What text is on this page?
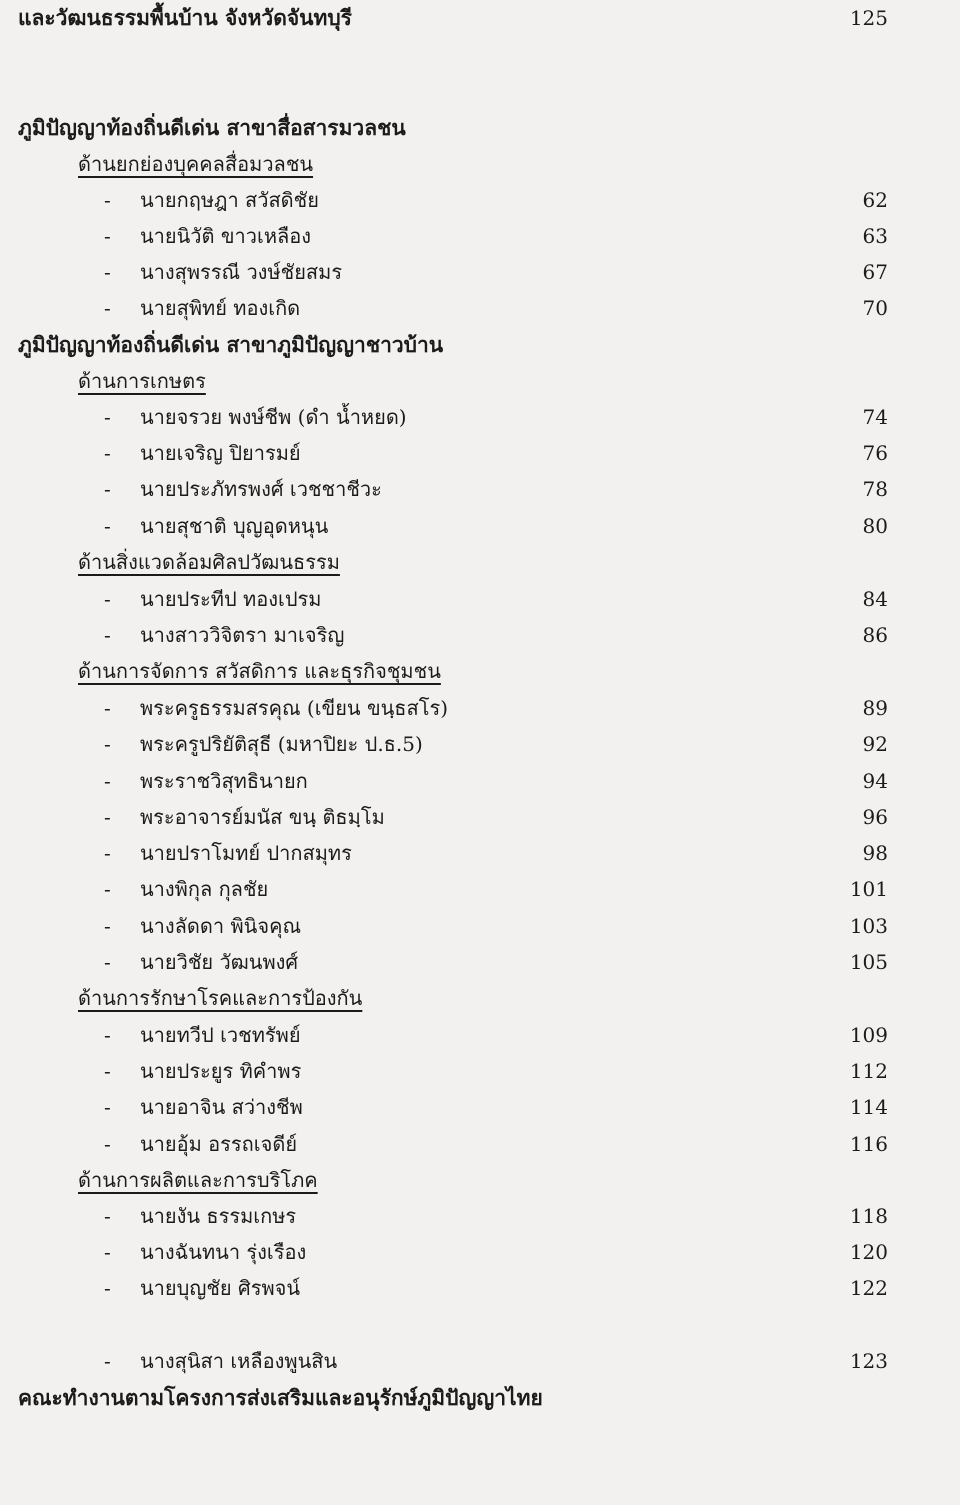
ภูมิปัญญาท้องถิ่นดีเด่น สาขาสื่อสารมวลชน
ด้านยกย่องบุคคลสื่อมวลชน
- นายกฤษฎา สวัสดิชัย	62
- นายนิวัติ ขาวเหลือง	63
- นางสุพรรณี วงษ์ชัยสมร	67
- นายสุพิทย์ ทองเกิด	70
ภูมิปัญญาท้องถิ่นดีเด่น สาขาภูมิปัญญาชาวบ้าน
ด้านการเกษตร
- นายจรวย พงษ์ชีพ (ดำ น้ำหยด)	74
- นายเจริญ ปิยารมย์	76
- นายประภัทรพงศ์ เวชชาชีวะ	78
- นายสุชาติ บุญอุดหนุน	80
ด้านสิ่งแวดล้อมศิลปวัฒนธรรม
- นายประทีป ทองเปรม	84
- นางสาววิจิตรา มาเจริญ	86
ด้านการจัดการ สวัสดิการ และธุรกิจชุมชน
- พระครูธรรมสรคุณ (เขียน ขนฺธสโร)	89
- พระครูปริยัติสุธี (มหาปิยะ ป.ธ.5)	92
- พระราชวิสุทธินายก	94
- พระอาจารย์มนัส ขนฺ ติธมฺโม	96
- นายปราโมทย์ ปากสมุทร	98
- นางพิกุล กุลชัย	101
- นางลัดดา พินิจคุณ	103
- นายวิชัย วัฒนพงศ์	105
ด้านการรักษาโรคและการป้องกัน
- นายทวีป เวชทรัพย์	109
- นายประยูร ทิคำพร	112
- นายอาจิน สว่างชีพ	114
- นายอุ้ม อรรถเจดีย์	116
ด้านการผลิตและการบริโภค
- นายงัน ธรรมเกษร	118
- นางฉันทนา รุ่งเรือง	120
- นายบุญชัย ศิรพจน์	122
- นางสุนิสา เหลืองพูนสิน	123
คณะทำงานตามโครงการส่งเสริมและอนุรักษ์ภูมิปัญญาไทย
และวัฒนธรรมพื้นบ้าน จังหวัดจันทบุรี	125
